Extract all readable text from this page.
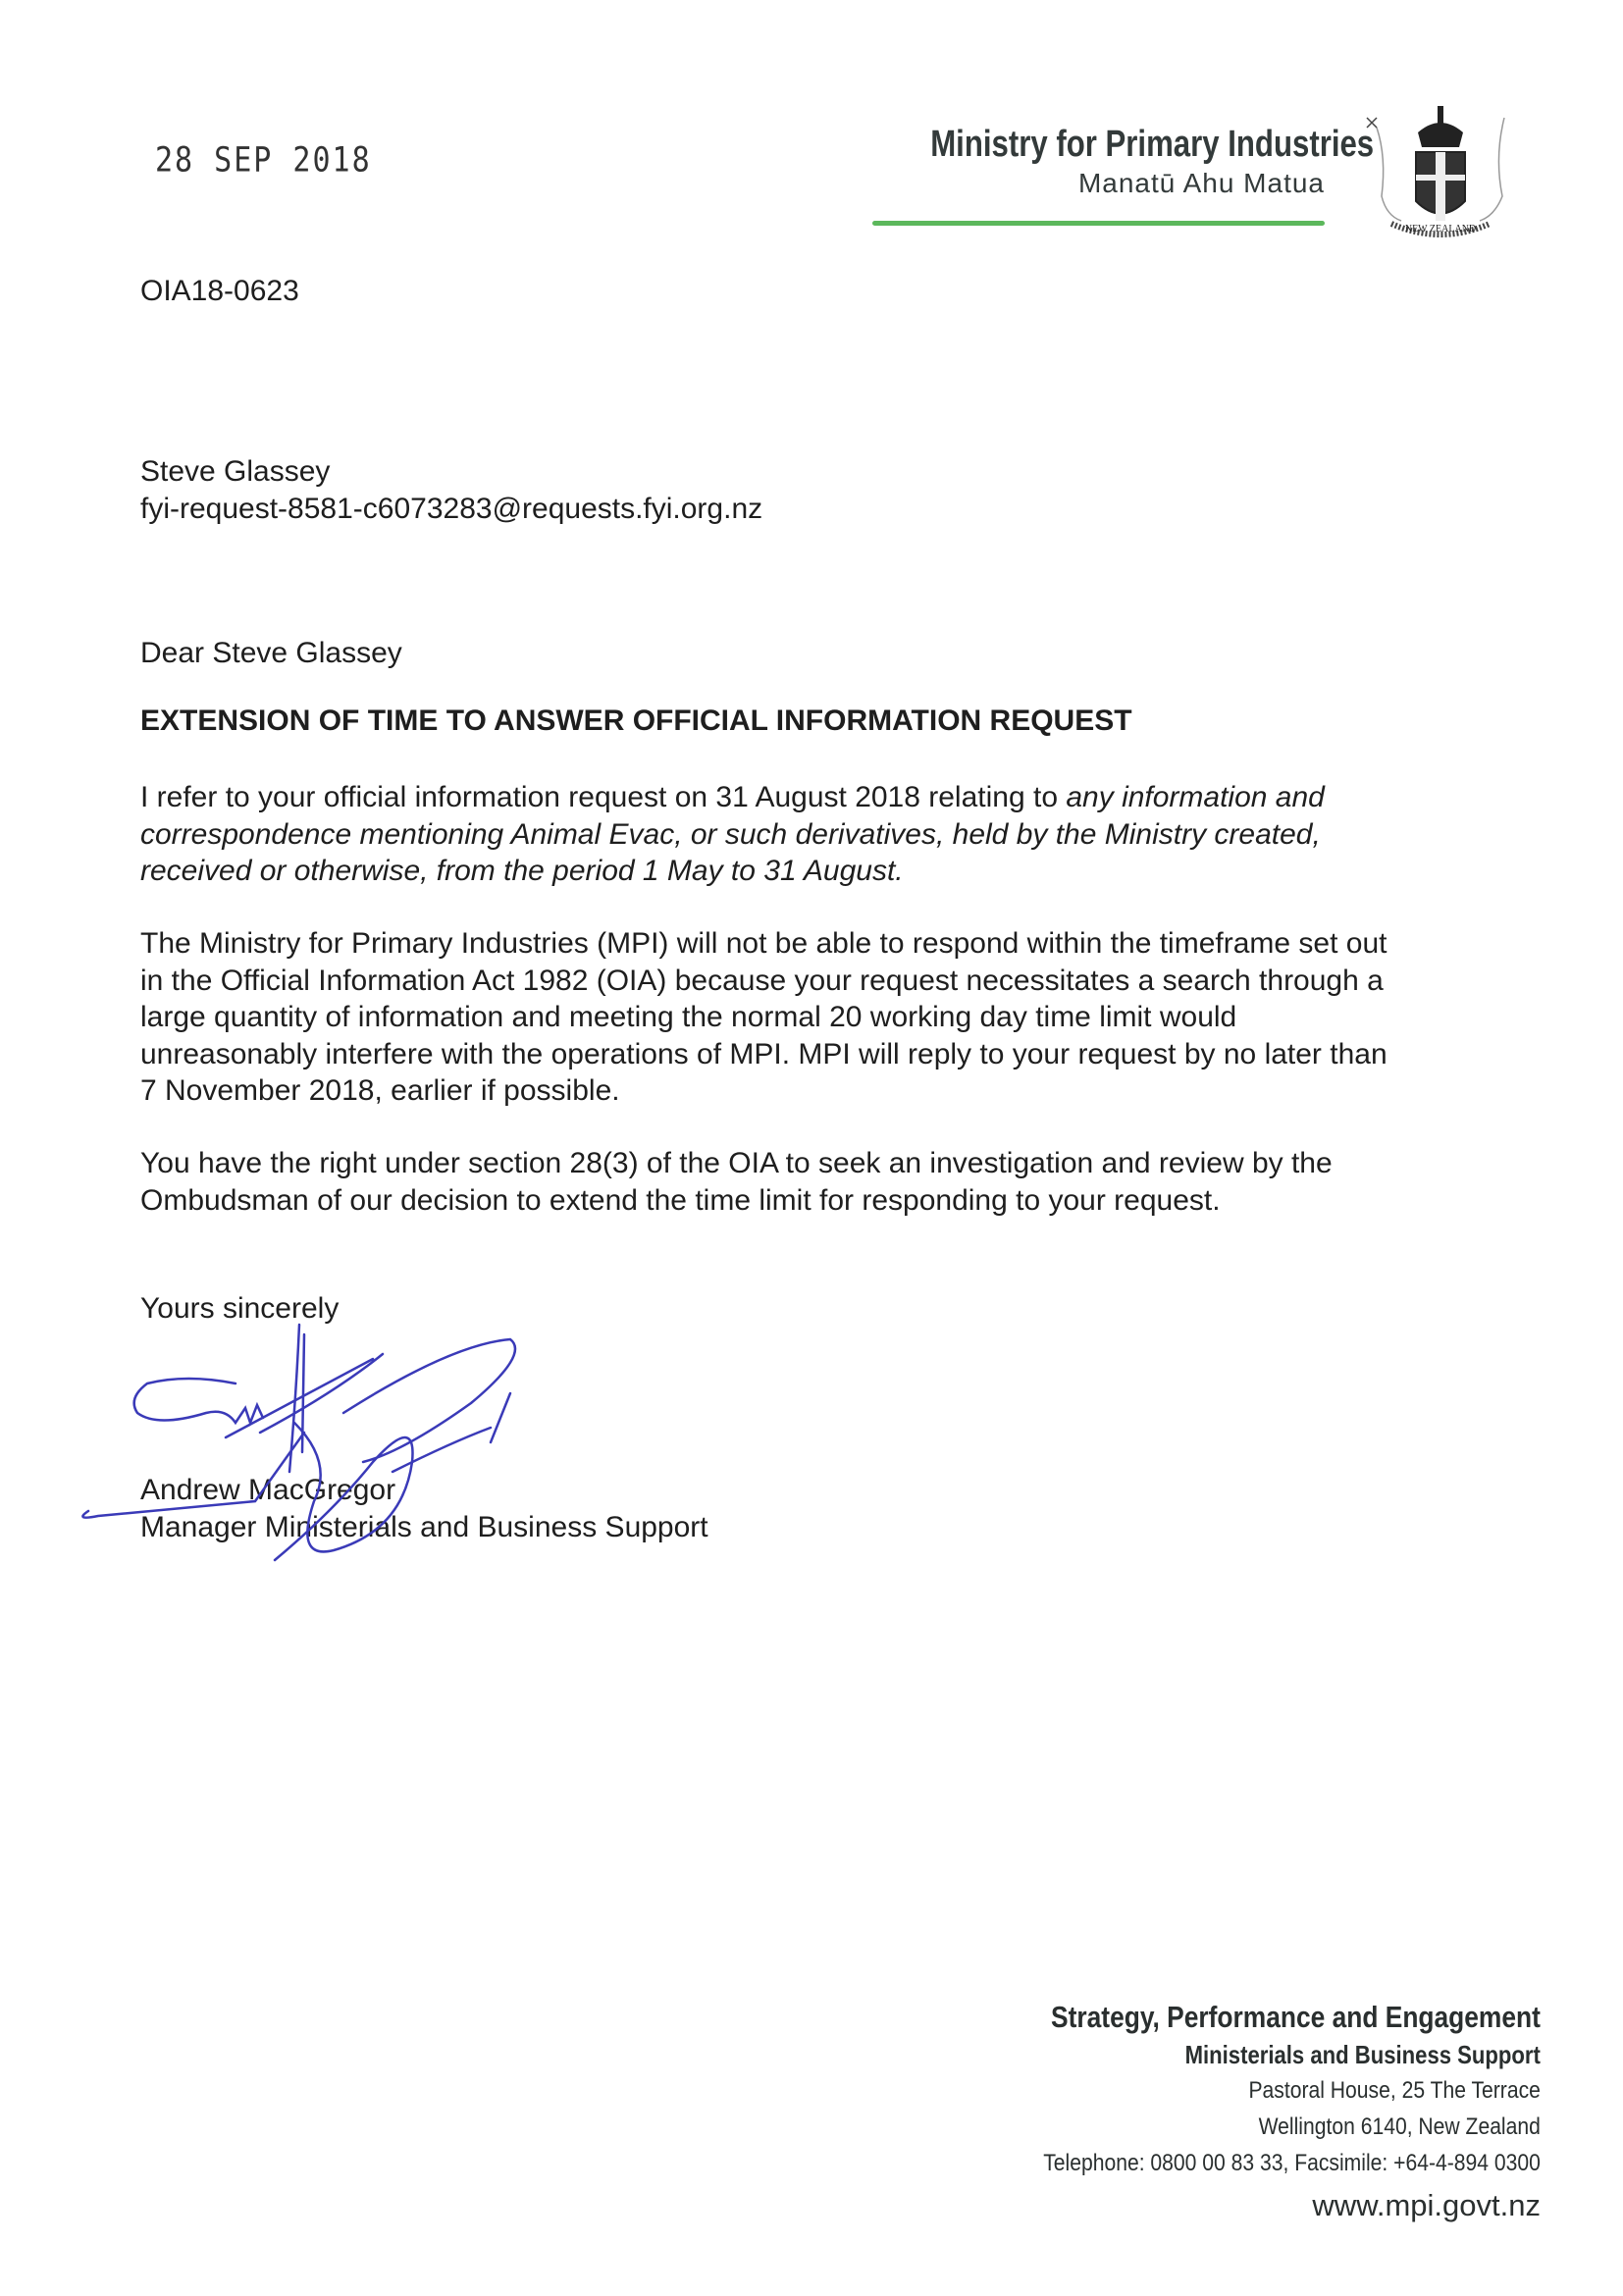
28 SEP 2018	Ministry for Primary Industries
Manatū Ahu Matua
NEW ZEALAND
OIA18-0623
Steve Glassey
fyi-request-8581-c6073283@requests.fyi.org.nz
Dear Steve Glassey
EXTENSION OF TIME TO ANSWER OFFICIAL INFORMATION REQUEST
I refer to your official information request on 31 August 2018 relating to any information and correspondence mentioning Animal Evac, or such derivatives, held by the Ministry created, received or otherwise, from the period 1 May to 31 August.
The Ministry for Primary Industries (MPI) will not be able to respond within the timeframe set out in the Official Information Act 1982 (OIA) because your request necessitates a search through a large quantity of information and meeting the normal 20 working day time limit would unreasonably interfere with the operations of MPI. MPI will reply to your request by no later than 7 November 2018, earlier if possible.
You have the right under section 28(3) of the OIA to seek an investigation and review by the Ombudsman of our decision to extend the time limit for responding to your request.
Yours sincerely
Andrew MacGregor
Manager Ministerials and Business Support
Strategy, Performance and Engagement
Ministerials and Business Support
Pastoral House, 25 The Terrace
Wellington 6140, New Zealand
Telephone: 0800 00 83 33, Facsimile: +64-4-894 0300
www.mpi.govt.nz
